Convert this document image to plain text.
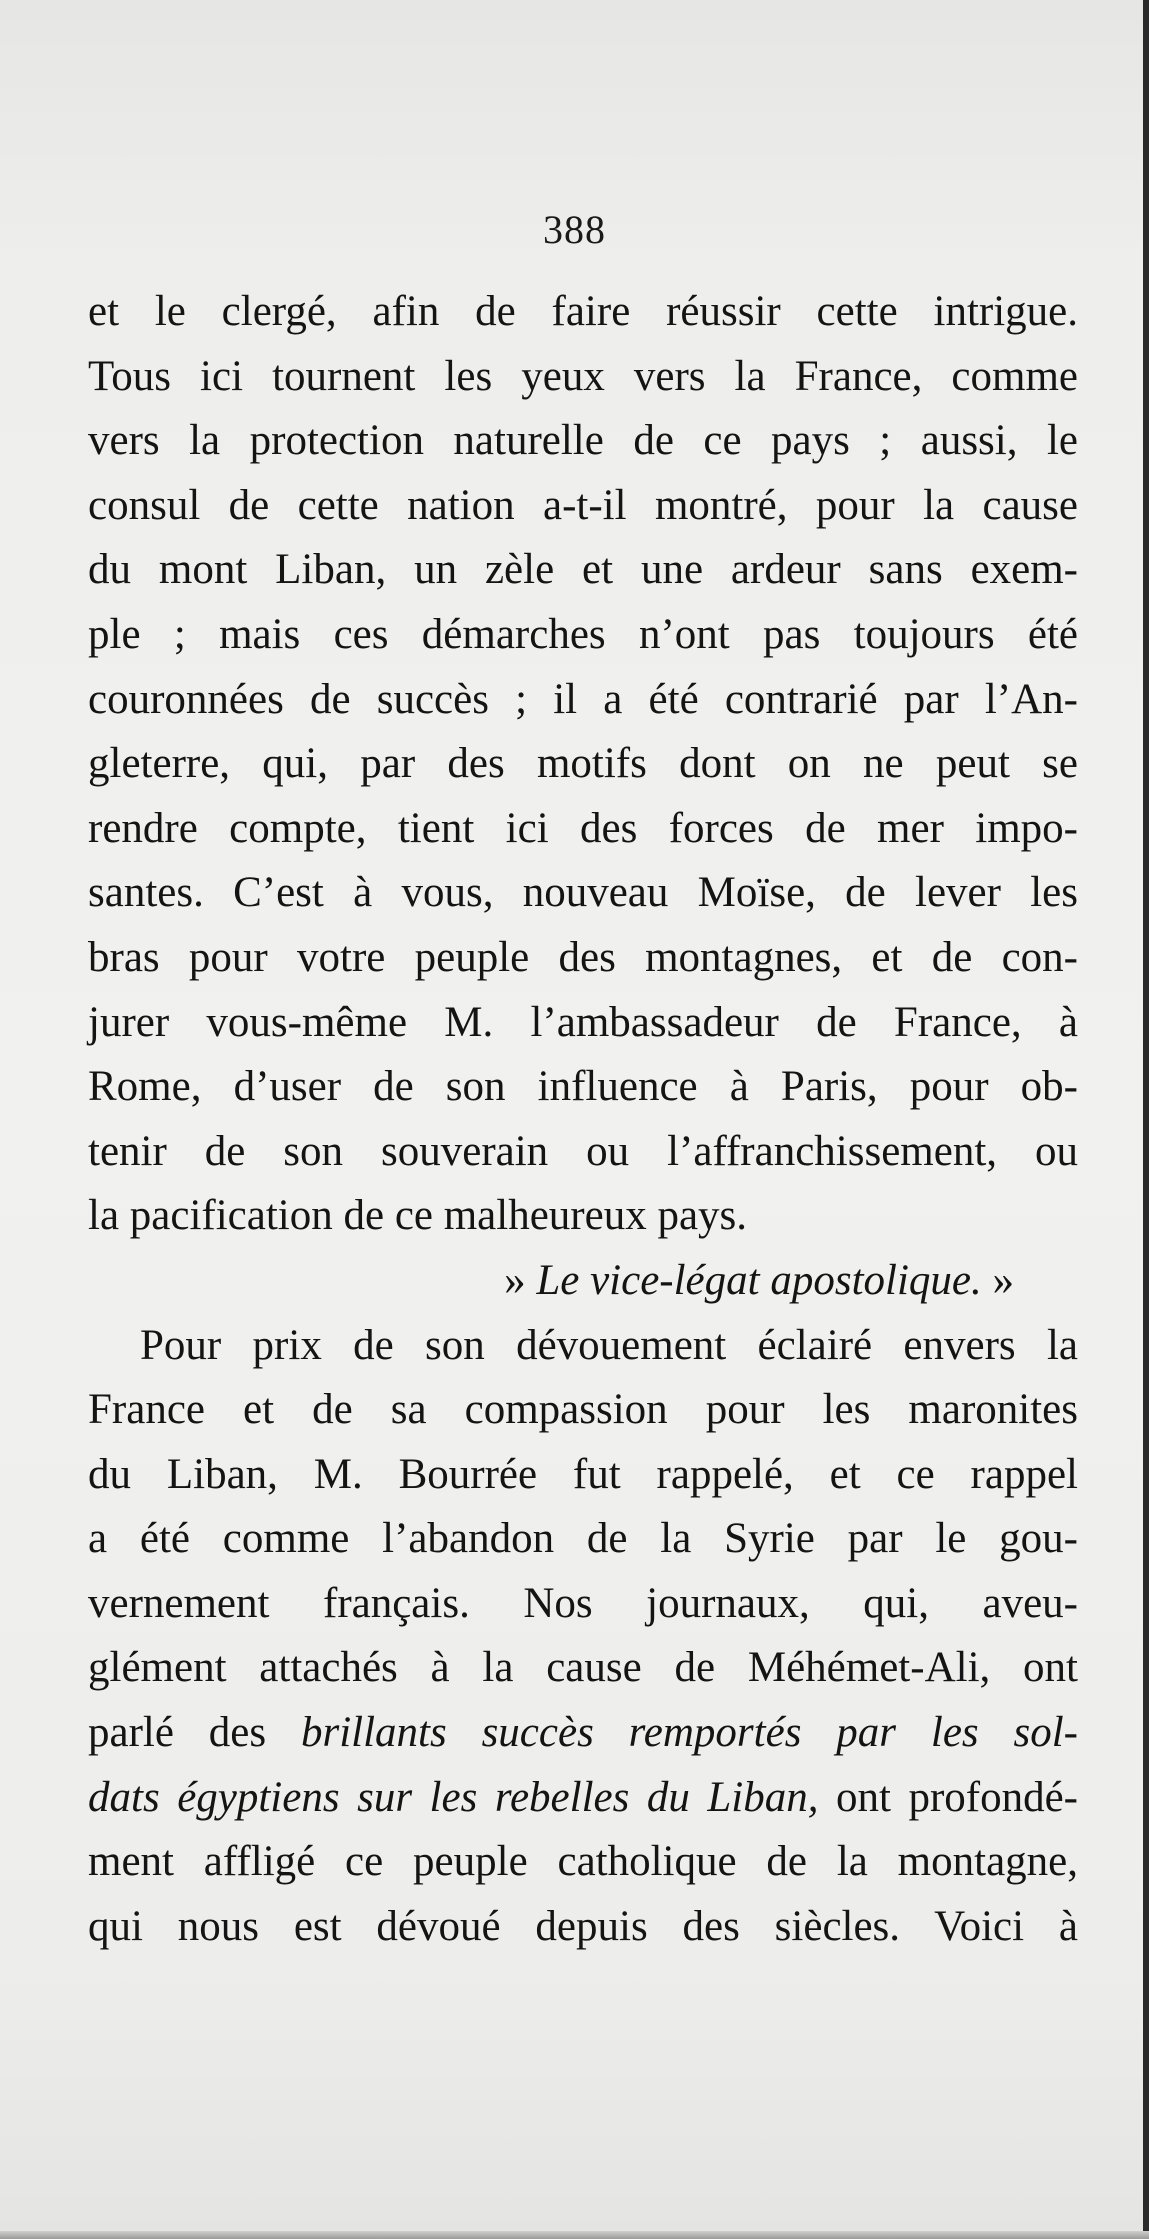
388
et le clergé, afin de faire réussir cette intrigue.
Tous ici tournent les yeux vers la France, comme
vers la protection naturelle de ce pays ; aussi, le
consul de cette nation a-t-il montré, pour la cause
du mont Liban, un zèle et une ardeur sans exem-
ple ; mais ces démarches n’ont pas toujours été
couronnées de succès ; il a été contrarié par l’An-
gleterre, qui, par des motifs dont on ne peut se
rendre compte, tient ici des forces de mer impo-
santes. C’est à vous, nouveau Moïse, de lever les
bras pour votre peuple des montagnes, et de con-
jurer vous-même M. l’ambassadeur de France, à
Rome, d’user de son influence à Paris, pour ob-
tenir de son souverain ou l’affranchissement, ou
la pacification de ce malheureux pays.
» Le vice-légat apostolique. »
Pour prix de son dévouement éclairé envers la
France et de sa compassion pour les maronites
du Liban, M. Bourrée fut rappelé, et ce rappel
a été comme l’abandon de la Syrie par le gou-
vernement français. Nos journaux, qui, aveu-
glément attachés à la cause de Méhémet-Ali, ont
parlé des brillants succès remportés par les sol-
dats égyptiens sur les rebelles du Liban, ont profondé-
ment affligé ce peuple catholique de la montagne,
qui nous est dévoué depuis des siècles. Voici à
